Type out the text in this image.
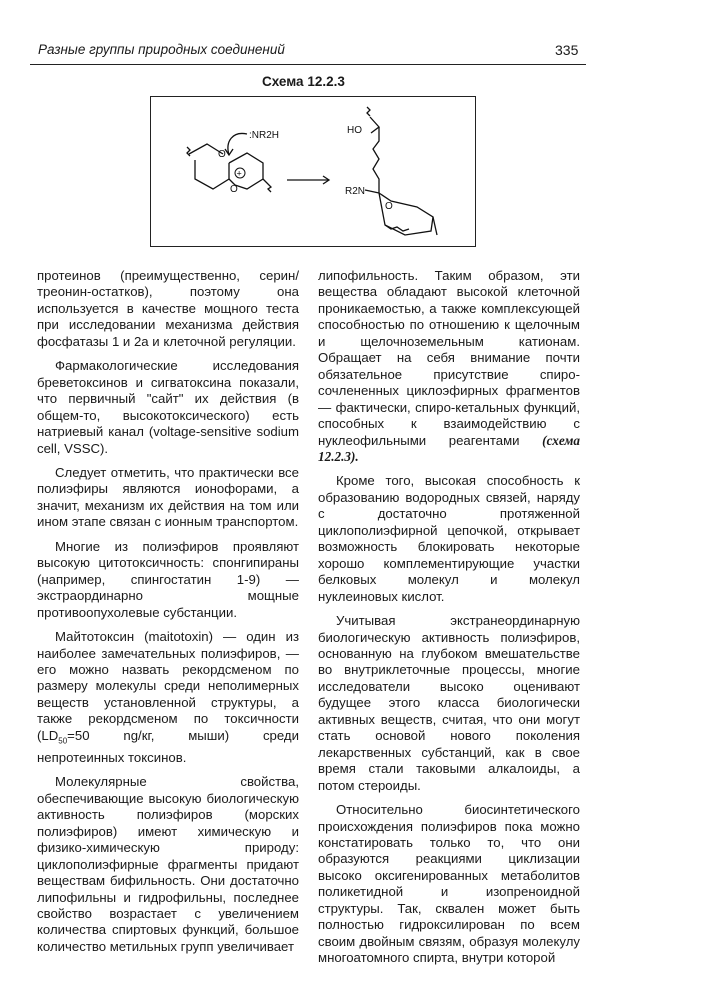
Разные группы природных соединений	335
Схема 12.2.3
:NR2H
+
O
O
HO
R2N
O

протеинов (преимущественно, серин/треонин-остатков), поэтому она используется в качестве мощного теста при исследовании механизма действия фосфатазы 1 и 2а и клеточной регуляции.

Фармакологические исследования бреветоксинов и сигватоксина показали, что первичный "сайт" их действия (в общем-то, высокотоксического) есть натриевый канал (voltage-sensitive sodium cell, VSSC).

Следует отметить, что практически все полиэфиры являются ионофорами, а значит, механизм их действия на том или ином этапе связан с ионным транспортом.

Многие из полиэфиров проявляют высокую цитотоксичность: спонгипираны (например, спингостатин 1-9) — экстраординарно мощные противоопухолевые субстанции.

Майтотоксин (maitotoxin) — один из наиболее замечательных полиэфиров, — его можно назвать рекордсменом по размеру молекулы среди неполимерных веществ установленной структуры, а также рекордсменом по токсичности ($LD_{50}=50$ ng/кг, мыши) среди непротеинных токсинов.

Молекулярные свойства, обеспечивающие высокую биологическую активность полиэфиров (морских полиэфиров) имеют химическую и физико-химическую природу: циклополиэфирные фрагменты придают веществам бифильность. Они достаточно липофильны и гидрофильны, последнее свойство возрастает с увеличением количества спиртовых функций, большое количество метильных групп увеличивает

липофильность. Таким образом, эти вещества обладают высокой клеточной проникаемостью, а также комплексующей способностью по отношению к щелочным и щелочноземельным катионам. Обращает на себя внимание почти обязательное присутствие спиро-сочлененных циклоэфирных фрагментов — фактически, спиро-кетальных функций, способных к взаимодействию с нуклеофильными реагентами (схема 12.2.3).

Кроме того, высокая способность к образованию водородных связей, наряду с достаточно протяженной циклополиэфирной цепочкой, открывает возможность блокировать некоторые хорошо комплементирующие участки белковых молекул и молекул нуклеиновых кислот.

Учитывая экстранеординарную биологическую активность полиэфиров, основанную на глубоком вмешательстве во внутриклеточные процессы, многие исследователи высоко оценивают будущее этого класса биологически активных веществ, считая, что они могут стать основой нового поколения лекарственных субстанций, как в свое время стали таковыми алкалоиды, а потом стероиды.

Относительно биосинтетического происхождения полиэфиров пока можно констатировать только то, что они образуются реакциями циклизации высоко оксигенированных метаболитов поликетидной и изопреноидной структуры. Так, сквален может быть полностью гидроксилирован по всем своим двойным связям, образуя молекулу многоатомного спирта, внутри которой
